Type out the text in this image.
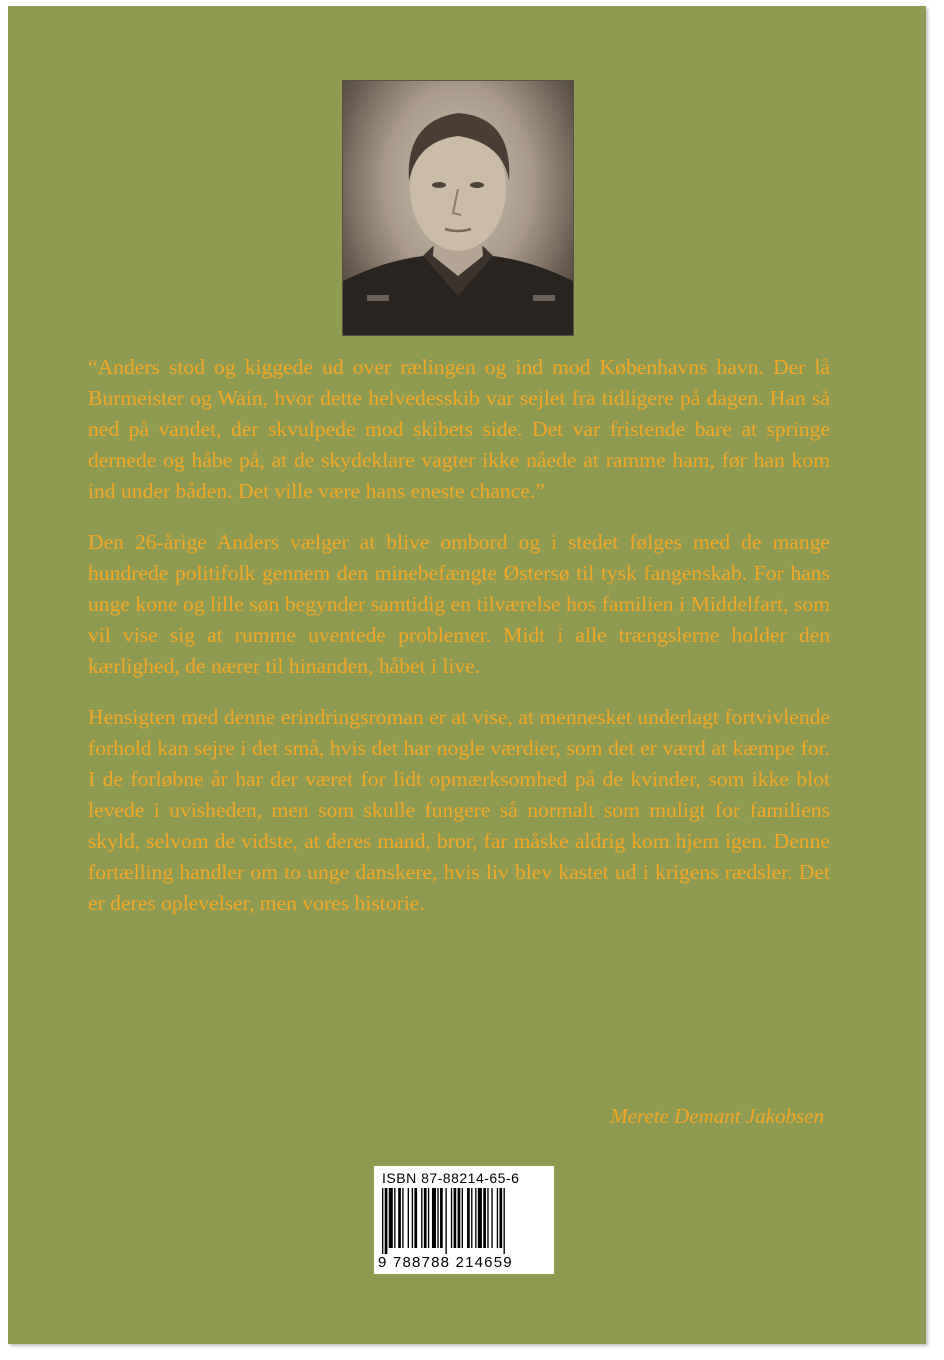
“Anders stod og kiggede ud over rælingen og ind mod Københavns havn. Der lå Burmeister og Wain, hvor dette helvedesskib var sejlet fra tidligere på dagen. Han så ned på vandet, der skvulpede mod skibets side. Det var fristende bare at springe dernede og håbe på, at de skydeklare vagter ikke nåede at ramme ham, før han kom ind under båden. Det ville være hans eneste chance.”

Den 26-årige Anders vælger at blive ombord og i stedet følges med de mange hundrede politifolk gennem den minebefængte Østersø til tysk fangenskab. For hans unge kone og lille søn begynder samtidig en tilværelse hos familien i Middelfart, som vil vise sig at rumme uventede problemer. Midt i alle trængslerne holder den kærlighed, de nærer til hinanden, håbet i live.

Hensigten med denne erindringsroman er at vise, at mennesket underlagt fortvivlende forhold kan sejre i det små, hvis det har nogle værdier, som det er værd at kæmpe for. I de forløbne år har der været for lidt opmærksomhed på de kvinder, som ikke blot levede i uvisheden, men som skulle fungere så normalt som muligt for familiens skyld, selvom de vidste, at deres mand, bror, far måske aldrig kom hjem igen. Denne fortælling handler om to unge danskere, hvis liv blev kastet ud i krigens rædsler. Det er deres oplevelser, men vores historie.

Merete Demant Jakobsen
ISBN 87-88214-65-6
9 788788 214659
